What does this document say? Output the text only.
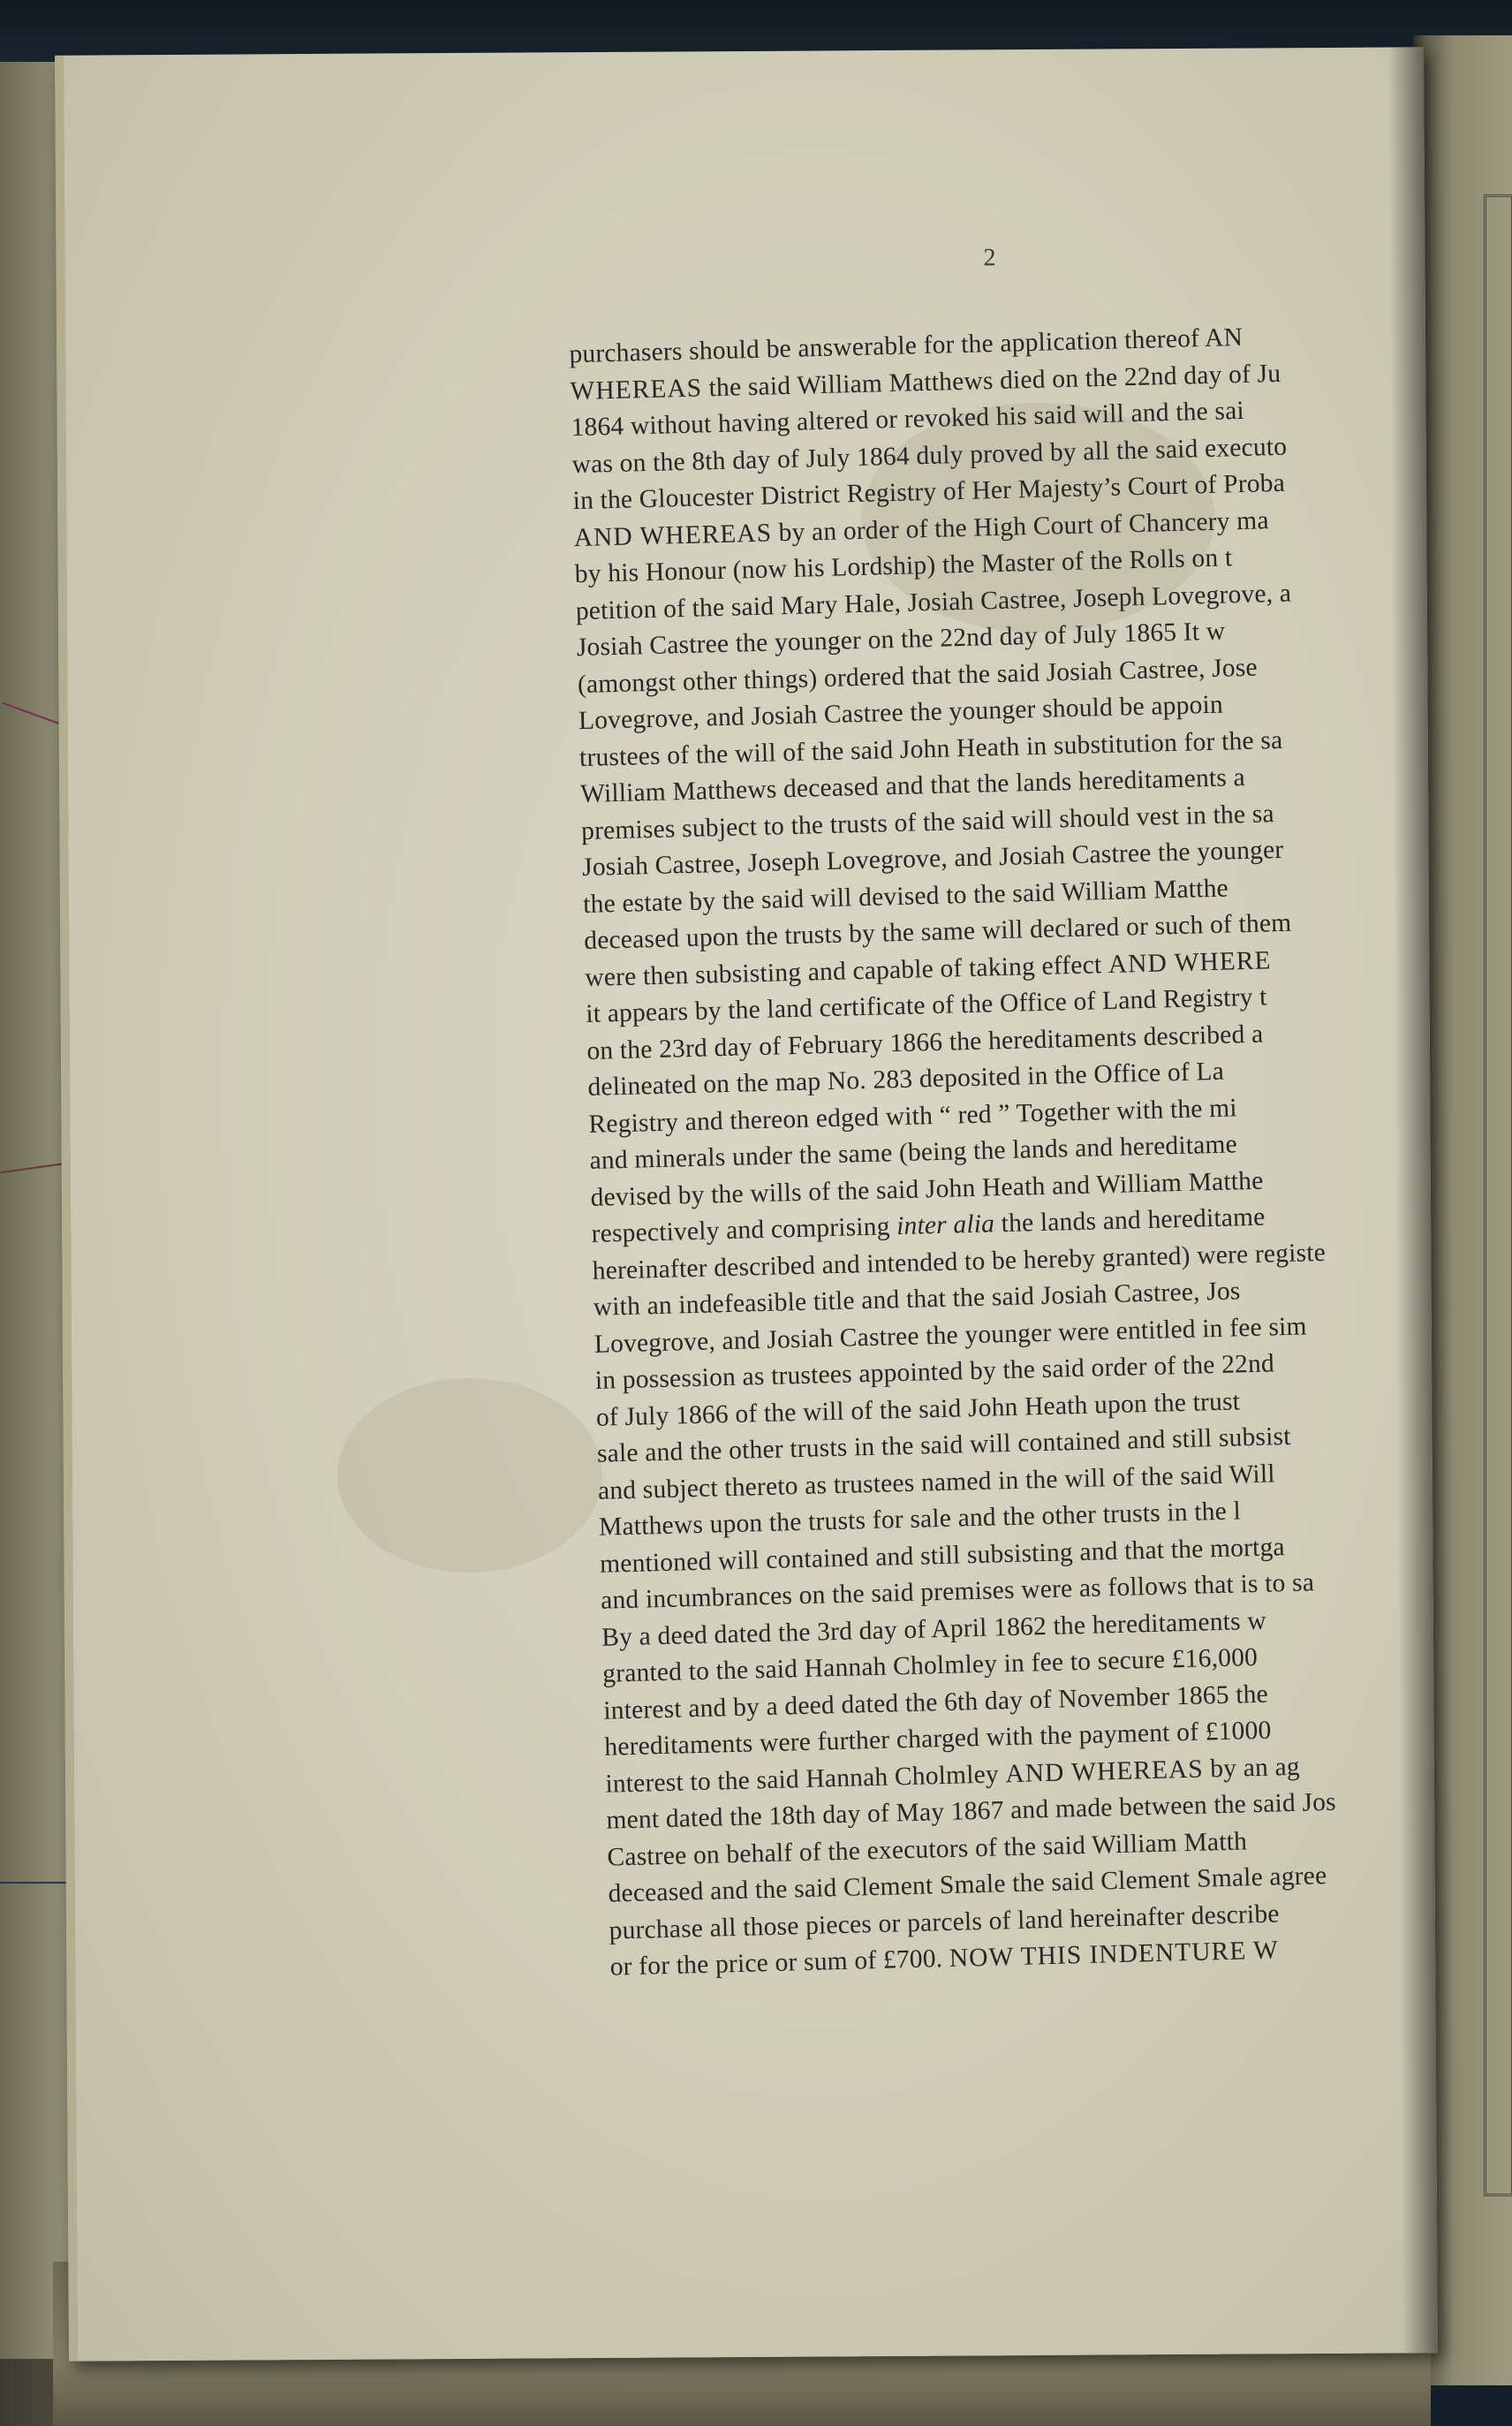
2
purchasers should be answerable for the application thereof AN
WHEREAS the said William Matthews died on the 22nd day of Ju
1864 without having altered or revoked his said will and the sai
was on the 8th day of July 1864 duly proved by all the said executo
in the Gloucester District Registry of Her Majesty’s Court of Proba
AND WHEREAS by an order of the High Court of Chancery ma
by his Honour (now his Lordship) the Master of the Rolls on t
petition of the said Mary Hale, Josiah Castree, Joseph Lovegrove, a
Josiah Castree the younger on the 22nd day of July 1865 It w
(amongst other things) ordered that the said Josiah Castree, Jose
Lovegrove, and Josiah Castree the younger should be appoin
trustees of the will of the said John Heath in substitution for the sa
William Matthews deceased and that the lands hereditaments a
premises subject to the trusts of the said will should vest in the sa
Josiah Castree, Joseph Lovegrove, and Josiah Castree the younger
the estate by the said will devised to the said William Matthe
deceased upon the trusts by the same will declared or such of them
were then subsisting and capable of taking effect AND WHERE
it appears by the land certificate of the Office of Land Registry t
on the 23rd day of February 1866 the hereditaments described a
delineated on the map No. 283 deposited in the Office of La
Registry and thereon edged with “ red ” Together with the mi
and minerals under the same (being the lands and hereditame
devised by the wills of the said John Heath and William Matthe
respectively and comprising inter alia the lands and hereditame
hereinafter described and intended to be hereby granted) were registe
with an indefeasible title and that the said Josiah Castree, Jos
Lovegrove, and Josiah Castree the younger were entitled in fee sim
in possession as trustees appointed by the said order of the 22nd
of July 1866 of the will of the said John Heath upon the trust
sale and the other trusts in the said will contained and still subsist
and subject thereto as trustees named in the will of the said Will
Matthews upon the trusts for sale and the other trusts in the l
mentioned will contained and still subsisting and that the mortga
and incumbrances on the said premises were as follows that is to sa
By a deed dated the 3rd day of April 1862 the hereditaments w
granted to the said Hannah Cholmley in fee to secure £16,000
interest and by a deed dated the 6th day of November 1865 the
hereditaments were further charged with the payment of £1000
interest to the said Hannah Cholmley AND WHEREAS by an ag
ment dated the 18th day of May 1867 and made between the said Jos
Castree on behalf of the executors of the said William Matth
deceased and the said Clement Smale the said Clement Smale agree
purchase all those pieces or parcels of land hereinafter describe
or for the price or sum of £700. NOW THIS INDENTURE W
